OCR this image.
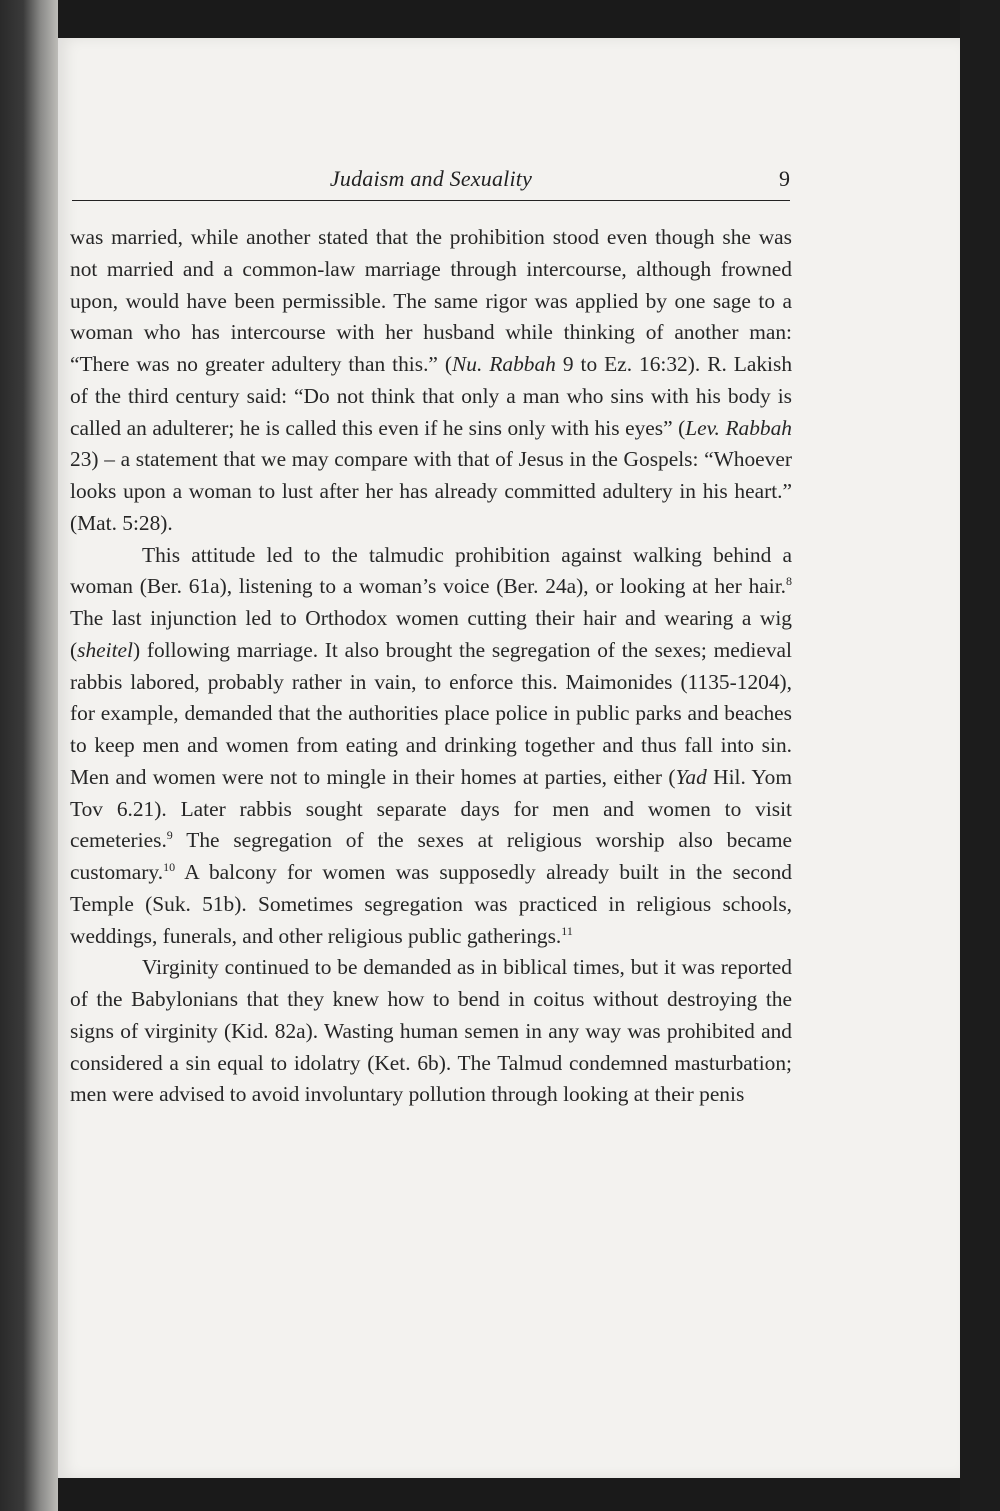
Judaism and Sexuality	9

was married, while another stated that the prohibition stood even though she was not married and a common-law marriage through intercourse, although frowned upon, would have been permissible. The same rigor was applied by one sage to a woman who has intercourse with her husband while thinking of another man: “There was no greater adultery than this.” (Nu. Rabbah 9 to Ez. 16:32). R. Lakish of the third century said: “Do not think that only a man who sins with his body is called an adulterer; he is called this even if he sins only with his eyes” (Lev. Rabbah 23) – a statement that we may compare with that of Jesus in the Gospels: “Whoever looks upon a woman to lust after her has already committed adultery in his heart.” (Mat. 5:28).

This attitude led to the talmudic prohibition against walking behind a woman (Ber. 61a), listening to a woman’s voice (Ber. 24a), or looking at her hair.$^8$ The last injunction led to Orthodox women cutting their hair and wearing a wig (sheitel) following marriage. It also brought the segregation of the sexes; medieval rabbis labored, probably rather in vain, to enforce this. Maimonides (1135-1204), for example, demanded that the authorities place police in public parks and beaches to keep men and women from eating and drinking together and thus fall into sin. Men and women were not to mingle in their homes at parties, either (Yad Hil. Yom Tov 6.21). Later rabbis sought separate days for men and women to visit cemeteries.$^9$ The segregation of the sexes at religious worship also became customary.$^{10}$ A balcony for women was supposedly already built in the second Temple (Suk. 51b). Sometimes segregation was practiced in religious schools, weddings, funerals, and other religious public gatherings.$^{11}$

Virginity continued to be demanded as in biblical times, but it was reported of the Babylonians that they knew how to bend in coitus without destroying the signs of virginity (Kid. 82a). Wasting human semen in any way was prohibited and considered a sin equal to idolatry (Ket. 6b). The Talmud condemned masturbation; men were advised to avoid involuntary pollution through looking at their penis
